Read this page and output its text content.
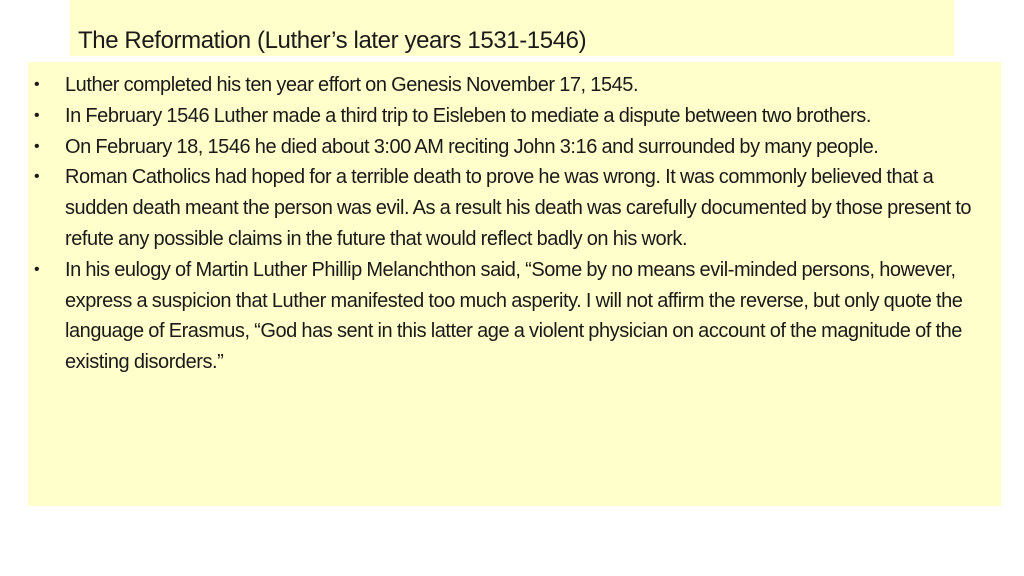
The Reformation (Luther’s later years 1531-1546)
• Luther completed his ten year effort on Genesis November 17, 1545.
• In February 1546 Luther made a third trip to Eisleben to mediate a dispute between two brothers.
• On February 18, 1546 he died about 3:00 AM reciting John 3:16 and surrounded by many people.
• Roman Catholics had hoped for a terrible death to prove he was wrong. It was commonly believed that a sudden death meant the person was evil. As a result his death was carefully documented by those present to refute any possible claims in the future that would reflect badly on his work.
• In his eulogy of Martin Luther Phillip Melanchthon said, “Some by no means evil-minded persons, however, express a suspicion that Luther manifested too much asperity. I will not affirm the reverse, but only quote the language of Erasmus, “God has sent in this latter age a violent physician on account of the magnitude of the existing disorders.”
